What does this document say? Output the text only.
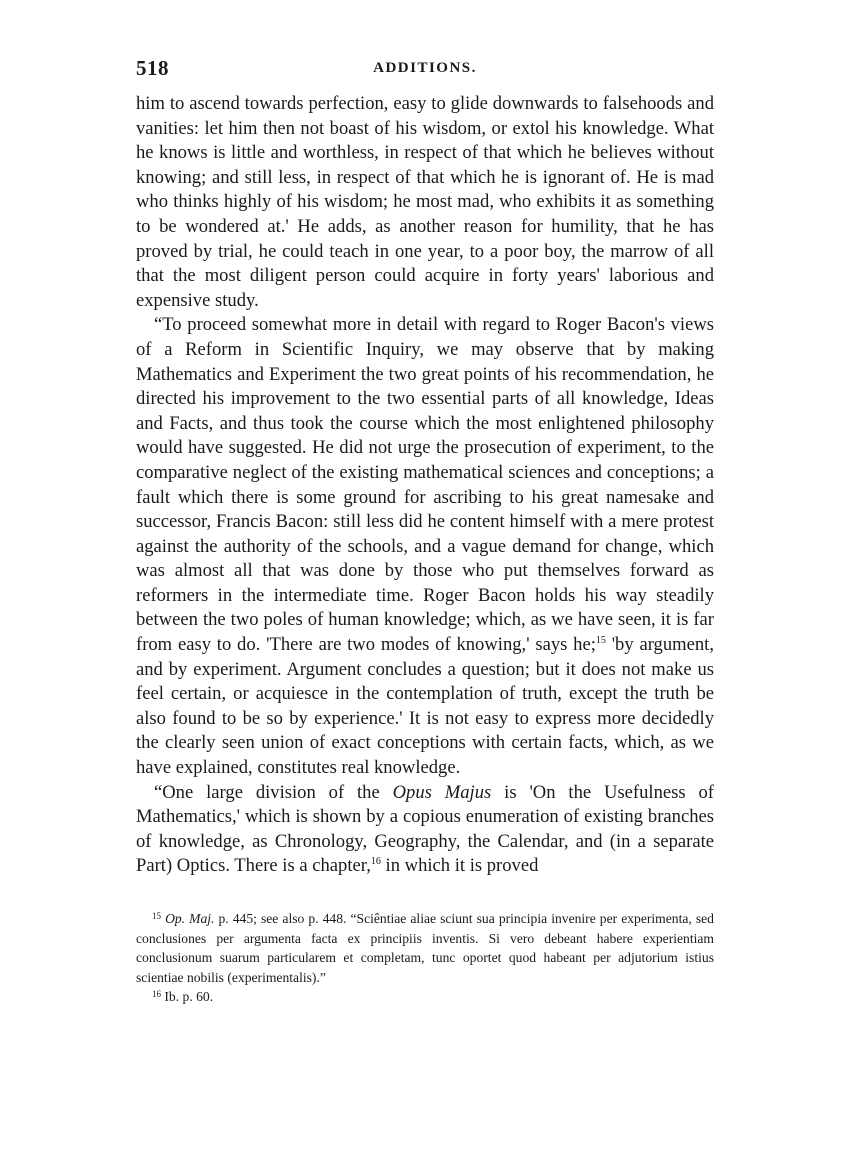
518	ADDITIONS.

him to ascend towards perfection, easy to glide downwards to falsehoods and vanities: let him then not boast of his wisdom, or extol his knowledge. What he knows is little and worthless, in respect of that which he believes without knowing; and still less, in respect of that which he is ignorant of. He is mad who thinks highly of his wisdom; he most mad, who exhibits it as something to be wondered at.' He adds, as another reason for humility, that he has proved by trial, he could teach in one year, to a poor boy, the marrow of all that the most diligent person could acquire in forty years' laborious and expensive study.

“To proceed somewhat more in detail with regard to Roger Bacon's views of a Reform in Scientific Inquiry, we may observe that by making Mathematics and Experiment the two great points of his recommendation, he directed his improvement to the two essential parts of all knowledge, Ideas and Facts, and thus took the course which the most enlightened philosophy would have suggested. He did not urge the prosecution of experiment, to the comparative neglect of the existing mathematical sciences and conceptions; a fault which there is some ground for ascribing to his great namesake and successor, Francis Bacon: still less did he content himself with a mere protest against the authority of the schools, and a vague demand for change, which was almost all that was done by those who put themselves forward as reformers in the intermediate time. Roger Bacon holds his way steadily between the two poles of human knowledge; which, as we have seen, it is far from easy to do. 'There are two modes of knowing,' says he;$^{15}$ 'by argument, and by experiment. Argument concludes a question; but it does not make us feel certain, or acquiesce in the contemplation of truth, except the truth be also found to be so by experience.' It is not easy to express more decidedly the clearly seen union of exact conceptions with certain facts, which, as we have explained, constitutes real knowledge.

“One large division of the Opus Majus is 'On the Usefulness of Mathematics,' which is shown by a copious enumeration of existing branches of knowledge, as Chronology, Geography, the Calendar, and (in a separate Part) Optics. There is a chapter,$^{16}$ in which it is proved

$^{15}$ Op. Maj. p. 445; see also p. 448. “Sciêntiae aliae sciunt sua principia invenire per experimenta, sed conclusiones per argumenta facta ex principiis inventis. Si vero debeant habere experientiam conclusionum suarum particularem et completam, tunc oportet quod habeant per adjutorium istius scientiae nobilis (experimentalis).”

$^{16}$ Ib. p. 60.
